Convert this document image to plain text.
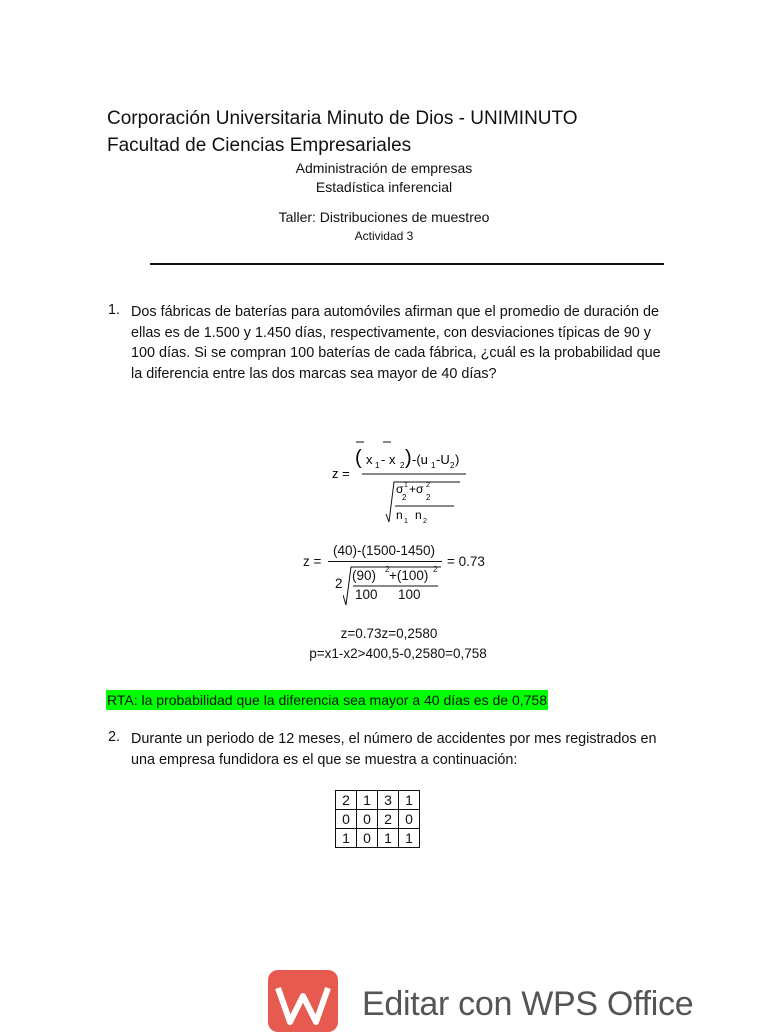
Corporación Universitaria Minuto de Dios - UNIMINUTO
Facultad de Ciencias Empresariales
Administración de empresas
Estadística inferencial
Taller: Distribuciones de muestreo
Actividad 3
1. Dos fábricas de baterías para automóviles afirman que el promedio de duración de ellas es de 1.500 y 1.450 días, respectivamente, con desviaciones típicas de 90 y 100 días. Si se compran 100 baterías de cada fábrica, ¿cuál es la probabilidad que la diferencia entre las dos marcas sea mayor de 40 días?
z =
( x 1 - x 2 ) -(u 1 -U 2 )
σ 1
2
+σ 2
2
n 1 n 2
z =
(40)-(1500-1450)
2
(90) 2 +(100) 2
100 100
= 0.73
z=0.73z=0,2580
p=x1-x2>400,5-0,2580=0,758
RTA: la probabilidad que la diferencia sea mayor a 40 días es de 0,758
2. Durante un periodo de 12 meses, el número de accidentes por mes registrados en una empresa fundidora es el que se muestra a continuación:
2	1	3	1
0	0	2	0
1	0	1	1
Editar con WPS Office
